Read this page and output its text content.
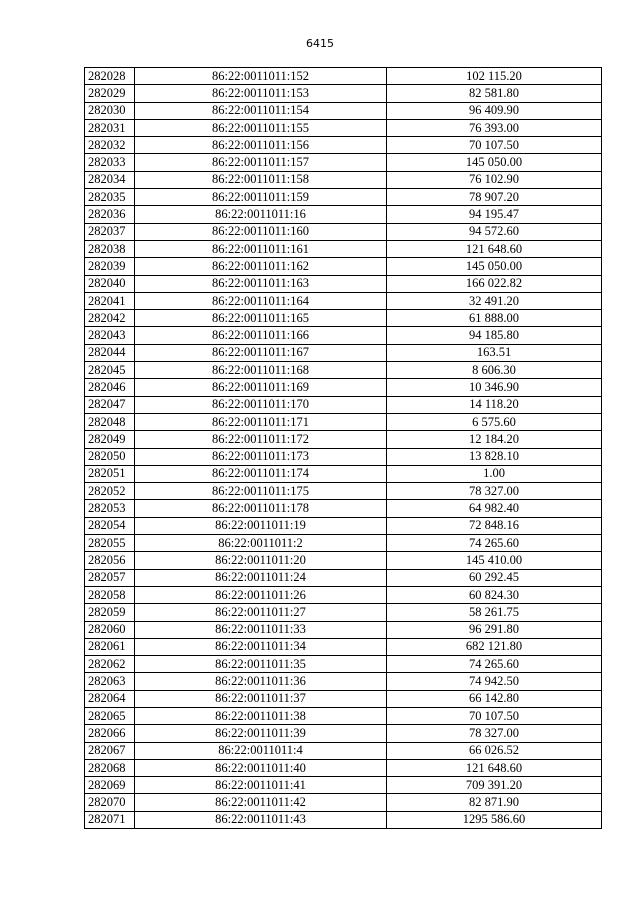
6415
282028	86:22:0011011:152	102 115.20
282029	86:22:0011011:153	82 581.80
282030	86:22:0011011:154	96 409.90
282031	86:22:0011011:155	76 393.00
282032	86:22:0011011:156	70 107.50
282033	86:22:0011011:157	145 050.00
282034	86:22:0011011:158	76 102.90
282035	86:22:0011011:159	78 907.20
282036	86:22:0011011:16	94 195.47
282037	86:22:0011011:160	94 572.60
282038	86:22:0011011:161	121 648.60
282039	86:22:0011011:162	145 050.00
282040	86:22:0011011:163	166 022.82
282041	86:22:0011011:164	32 491.20
282042	86:22:0011011:165	61 888.00
282043	86:22:0011011:166	94 185.80
282044	86:22:0011011:167	163.51
282045	86:22:0011011:168	8 606.30
282046	86:22:0011011:169	10 346.90
282047	86:22:0011011:170	14 118.20
282048	86:22:0011011:171	6 575.60
282049	86:22:0011011:172	12 184.20
282050	86:22:0011011:173	13 828.10
282051	86:22:0011011:174	1.00
282052	86:22:0011011:175	78 327.00
282053	86:22:0011011:178	64 982.40
282054	86:22:0011011:19	72 848.16
282055	86:22:0011011:2	74 265.60
282056	86:22:0011011:20	145 410.00
282057	86:22:0011011:24	60 292.45
282058	86:22:0011011:26	60 824.30
282059	86:22:0011011:27	58 261.75
282060	86:22:0011011:33	96 291.80
282061	86:22:0011011:34	682 121.80
282062	86:22:0011011:35	74 265.60
282063	86:22:0011011:36	74 942.50
282064	86:22:0011011:37	66 142.80
282065	86:22:0011011:38	70 107.50
282066	86:22:0011011:39	78 327.00
282067	86:22:0011011:4	66 026.52
282068	86:22:0011011:40	121 648.60
282069	86:22:0011011:41	709 391.20
282070	86:22:0011011:42	82 871.90
282071	86:22:0011011:43	1295 586.60
